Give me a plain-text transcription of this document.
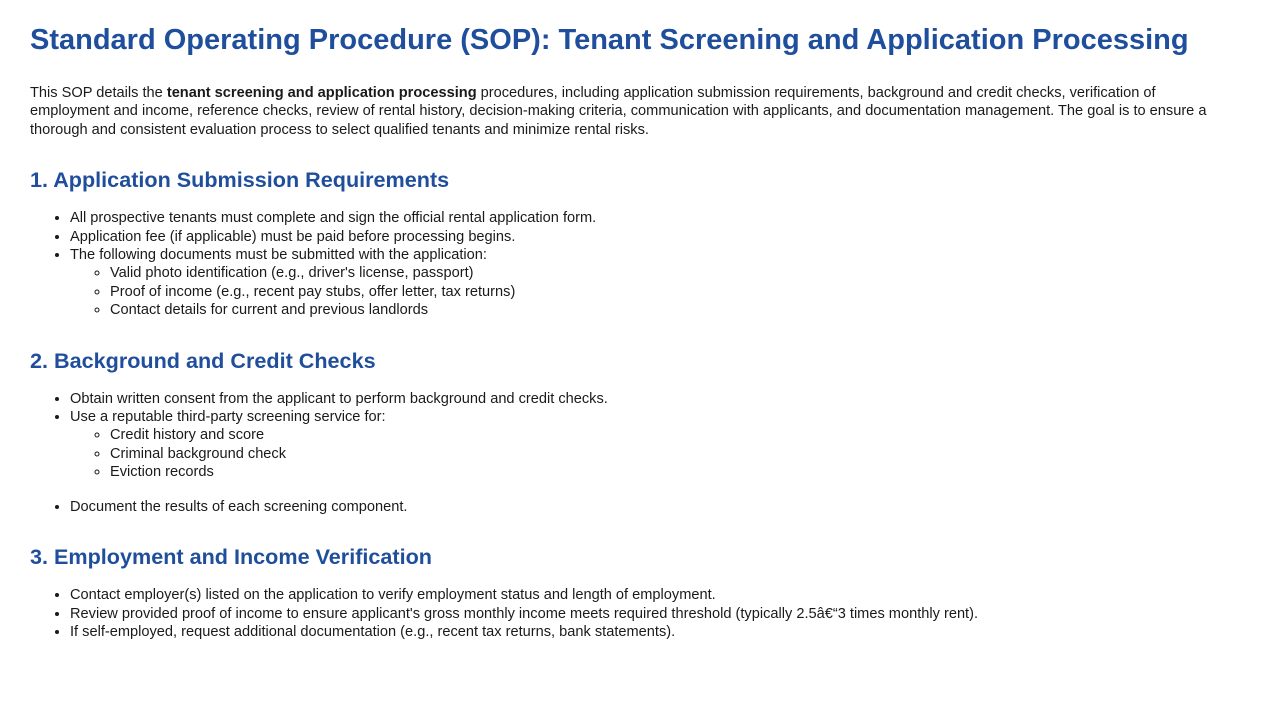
Standard Operating Procedure (SOP): Tenant Screening and Application Processing

This SOP details the tenant screening and application processing procedures, including application submission requirements, background and credit checks, verification of employment and income, reference checks, review of rental history, decision-making criteria, communication with applicants, and documentation management. The goal is to ensure a thorough and consistent evaluation process to select qualified tenants and minimize rental risks.

1. Application Submission Requirements
• All prospective tenants must complete and sign the official rental application form.
• Application fee (if applicable) must be paid before processing begins.
• The following documents must be submitted with the application:
◦ Valid photo identification (e.g., driver's license, passport)
◦ Proof of income (e.g., recent pay stubs, offer letter, tax returns)
◦ Contact details for current and previous landlords
2. Background and Credit Checks
• Obtain written consent from the applicant to perform background and credit checks.
• Use a reputable third-party screening service for:
◦ Credit history and score
◦ Criminal background check
◦ Eviction records
• Document the results of each screening component.
3. Employment and Income Verification
• Contact employer(s) listed on the application to verify employment status and length of employment.
• Review provided proof of income to ensure applicant's gross monthly income meets required threshold (typically 2.5â€“3 times monthly rent).
• If self-employed, request additional documentation (e.g., recent tax returns, bank statements).
